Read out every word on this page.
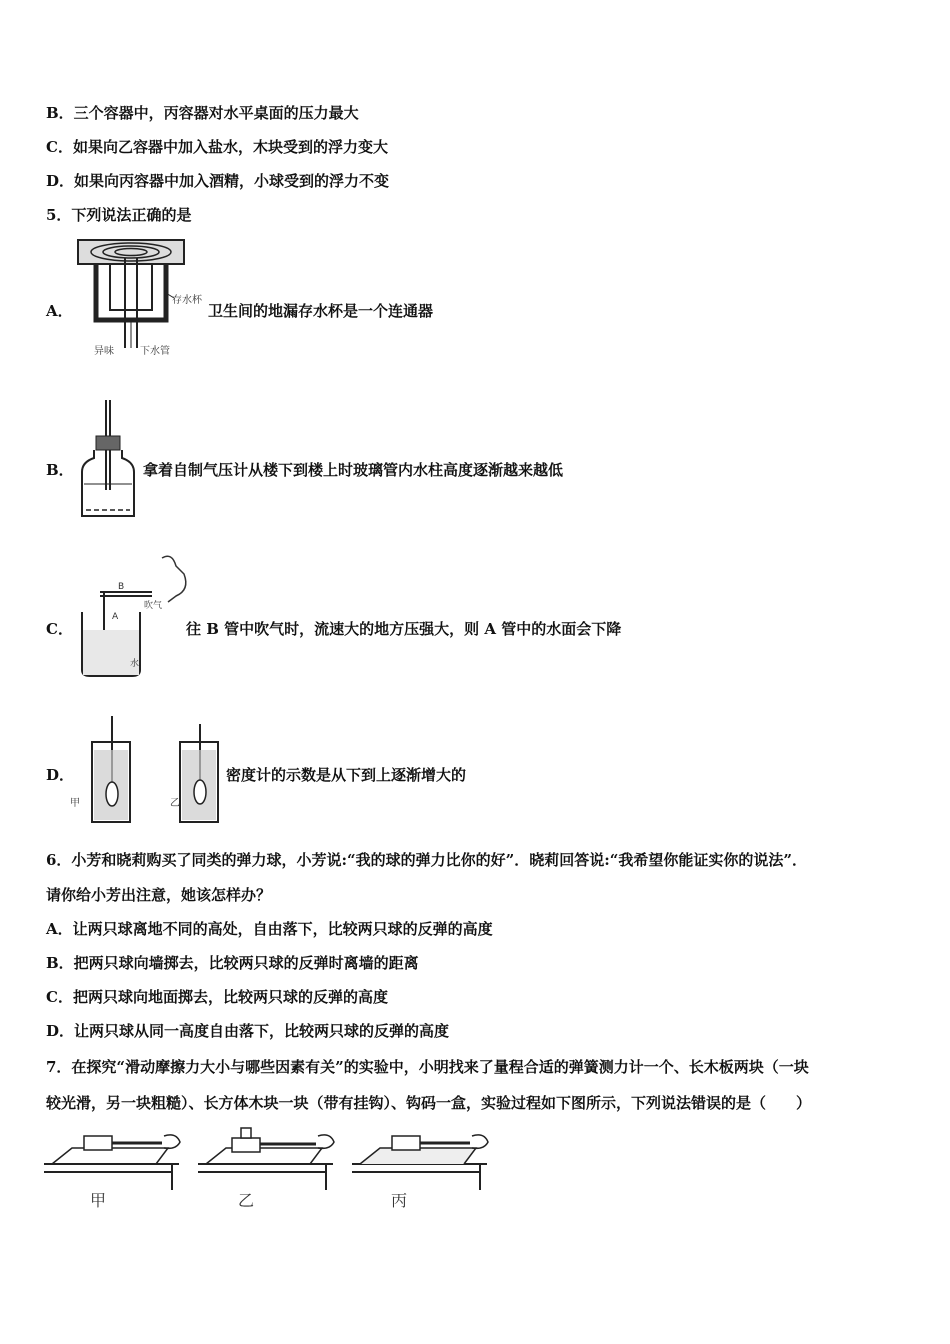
B．三个容器中，丙容器对水平桌面的压力最大
C．如果向乙容器中加入盐水，木块受到的浮力变大
D．如果向丙容器中加入酒精，小球受到的浮力不变
5．下列说法正确的是
A．
存水杯
异味	下水管
卫生间的地漏存水杯是一个连通器
B．	拿着自制气压计从楼下到楼上时玻璃管内水柱高度逐渐越来越低
C．
B
A
吹气
水
往 B 管中吹气时，流速大的地方压强大，则 A 管中的水面会下降
D．
甲	乙
密度计的示数是从下到上逐渐增大的
6．小芳和晓莉购买了同类的弹力球，小芳说:“我的球的弹力比你的好”．晓莉回答说:“我希望你能证实你的说法”．
请你给小芳出注意，她该怎样办？
A．让两只球离地不同的高处，自由落下，比较两只球的反弹的高度
B．把两只球向墙掷去，比较两只球的反弹时离墙的距离
C．把两只球向地面掷去，比较两只球的反弹的高度
D．让两只球从同一高度自由落下，比较两只球的反弹的高度
7．在探究“滑动摩擦力大小与哪些因素有关”的实验中，小明找来了量程合适的弹簧测力计一个、长木板两块（一块
较光滑，另一块粗糙）、长方体木块一块（带有挂钩）、钩码一盒，实验过程如下图所示，下列说法错误的是（　　）
甲	乙	丙
